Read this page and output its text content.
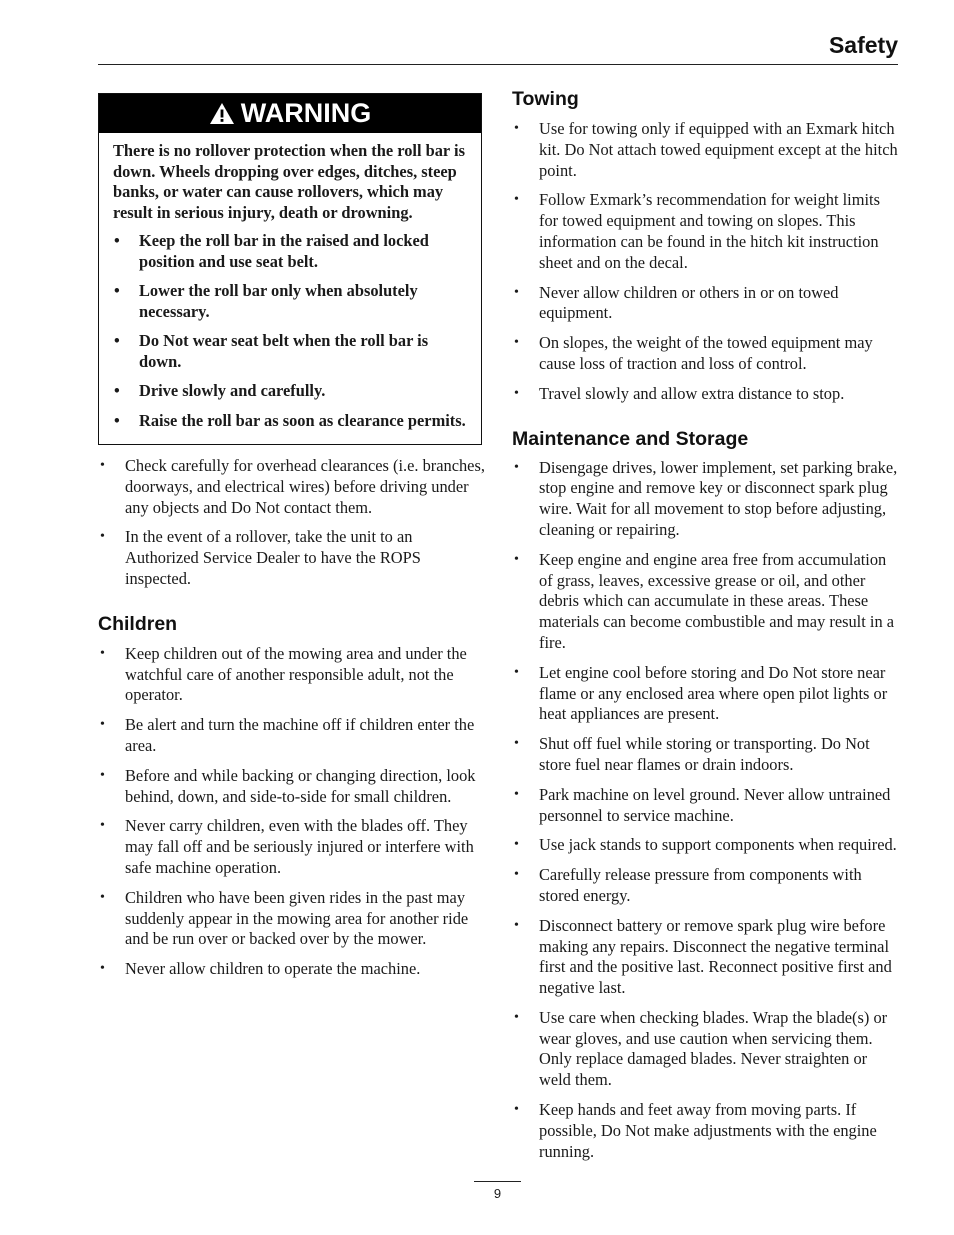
Safety
WARNING

There is no rollover protection when the roll bar is down. Wheels dropping over edges, ditches, steep banks, or water can cause rollovers, which may result in serious injury, death or drowning.

• Keep the roll bar in the raised and locked position and use seat belt.
• Lower the roll bar only when absolutely necessary.
• Do Not wear seat belt when the roll bar is down.
• Drive slowly and carefully.
• Raise the roll bar as soon as clearance permits.
• Check carefully for overhead clearances (i.e. branches, doorways, and electrical wires) before driving under any objects and Do Not contact them.
• In the event of a rollover, take the unit to an Authorized Service Dealer to have the ROPS inspected.
Children
• Keep children out of the mowing area and under the watchful care of another responsible adult, not the operator.
• Be alert and turn the machine off if children enter the area.
• Before and while backing or changing direction, look behind, down, and side-to-side for small children.
• Never carry children, even with the blades off. They may fall off and be seriously injured or interfere with safe machine operation.
• Children who have been given rides in the past may suddenly appear in the mowing area for another ride and be run over or backed over by the mower.
• Never allow children to operate the machine.
Towing
• Use for towing only if equipped with an Exmark hitch kit. Do Not attach towed equipment except at the hitch point.
• Follow Exmark’s recommendation for weight limits for towed equipment and towing on slopes. This information can be found in the hitch kit instruction sheet and on the decal.
• Never allow children or others in or on towed equipment.
• On slopes, the weight of the towed equipment may cause loss of traction and loss of control.
• Travel slowly and allow extra distance to stop.
Maintenance and Storage
• Disengage drives, lower implement, set parking brake, stop engine and remove key or disconnect spark plug wire. Wait for all movement to stop before adjusting, cleaning or repairing.
• Keep engine and engine area free from accumulation of grass, leaves, excessive grease or oil, and other debris which can accumulate in these areas. These materials can become combustible and may result in a fire.
• Let engine cool before storing and Do Not store near flame or any enclosed area where open pilot lights or heat appliances are present.
• Shut off fuel while storing or transporting. Do Not store fuel near flames or drain indoors.
• Park machine on level ground. Never allow untrained personnel to service machine.
• Use jack stands to support components when required.
• Carefully release pressure from components with stored energy.
• Disconnect battery or remove spark plug wire before making any repairs. Disconnect the negative terminal first and the positive last. Reconnect positive first and negative last.
• Use care when checking blades. Wrap the blade(s) or wear gloves, and use caution when servicing them. Only replace damaged blades. Never straighten or weld them.
• Keep hands and feet away from moving parts. If possible, Do Not make adjustments with the engine running.
9
